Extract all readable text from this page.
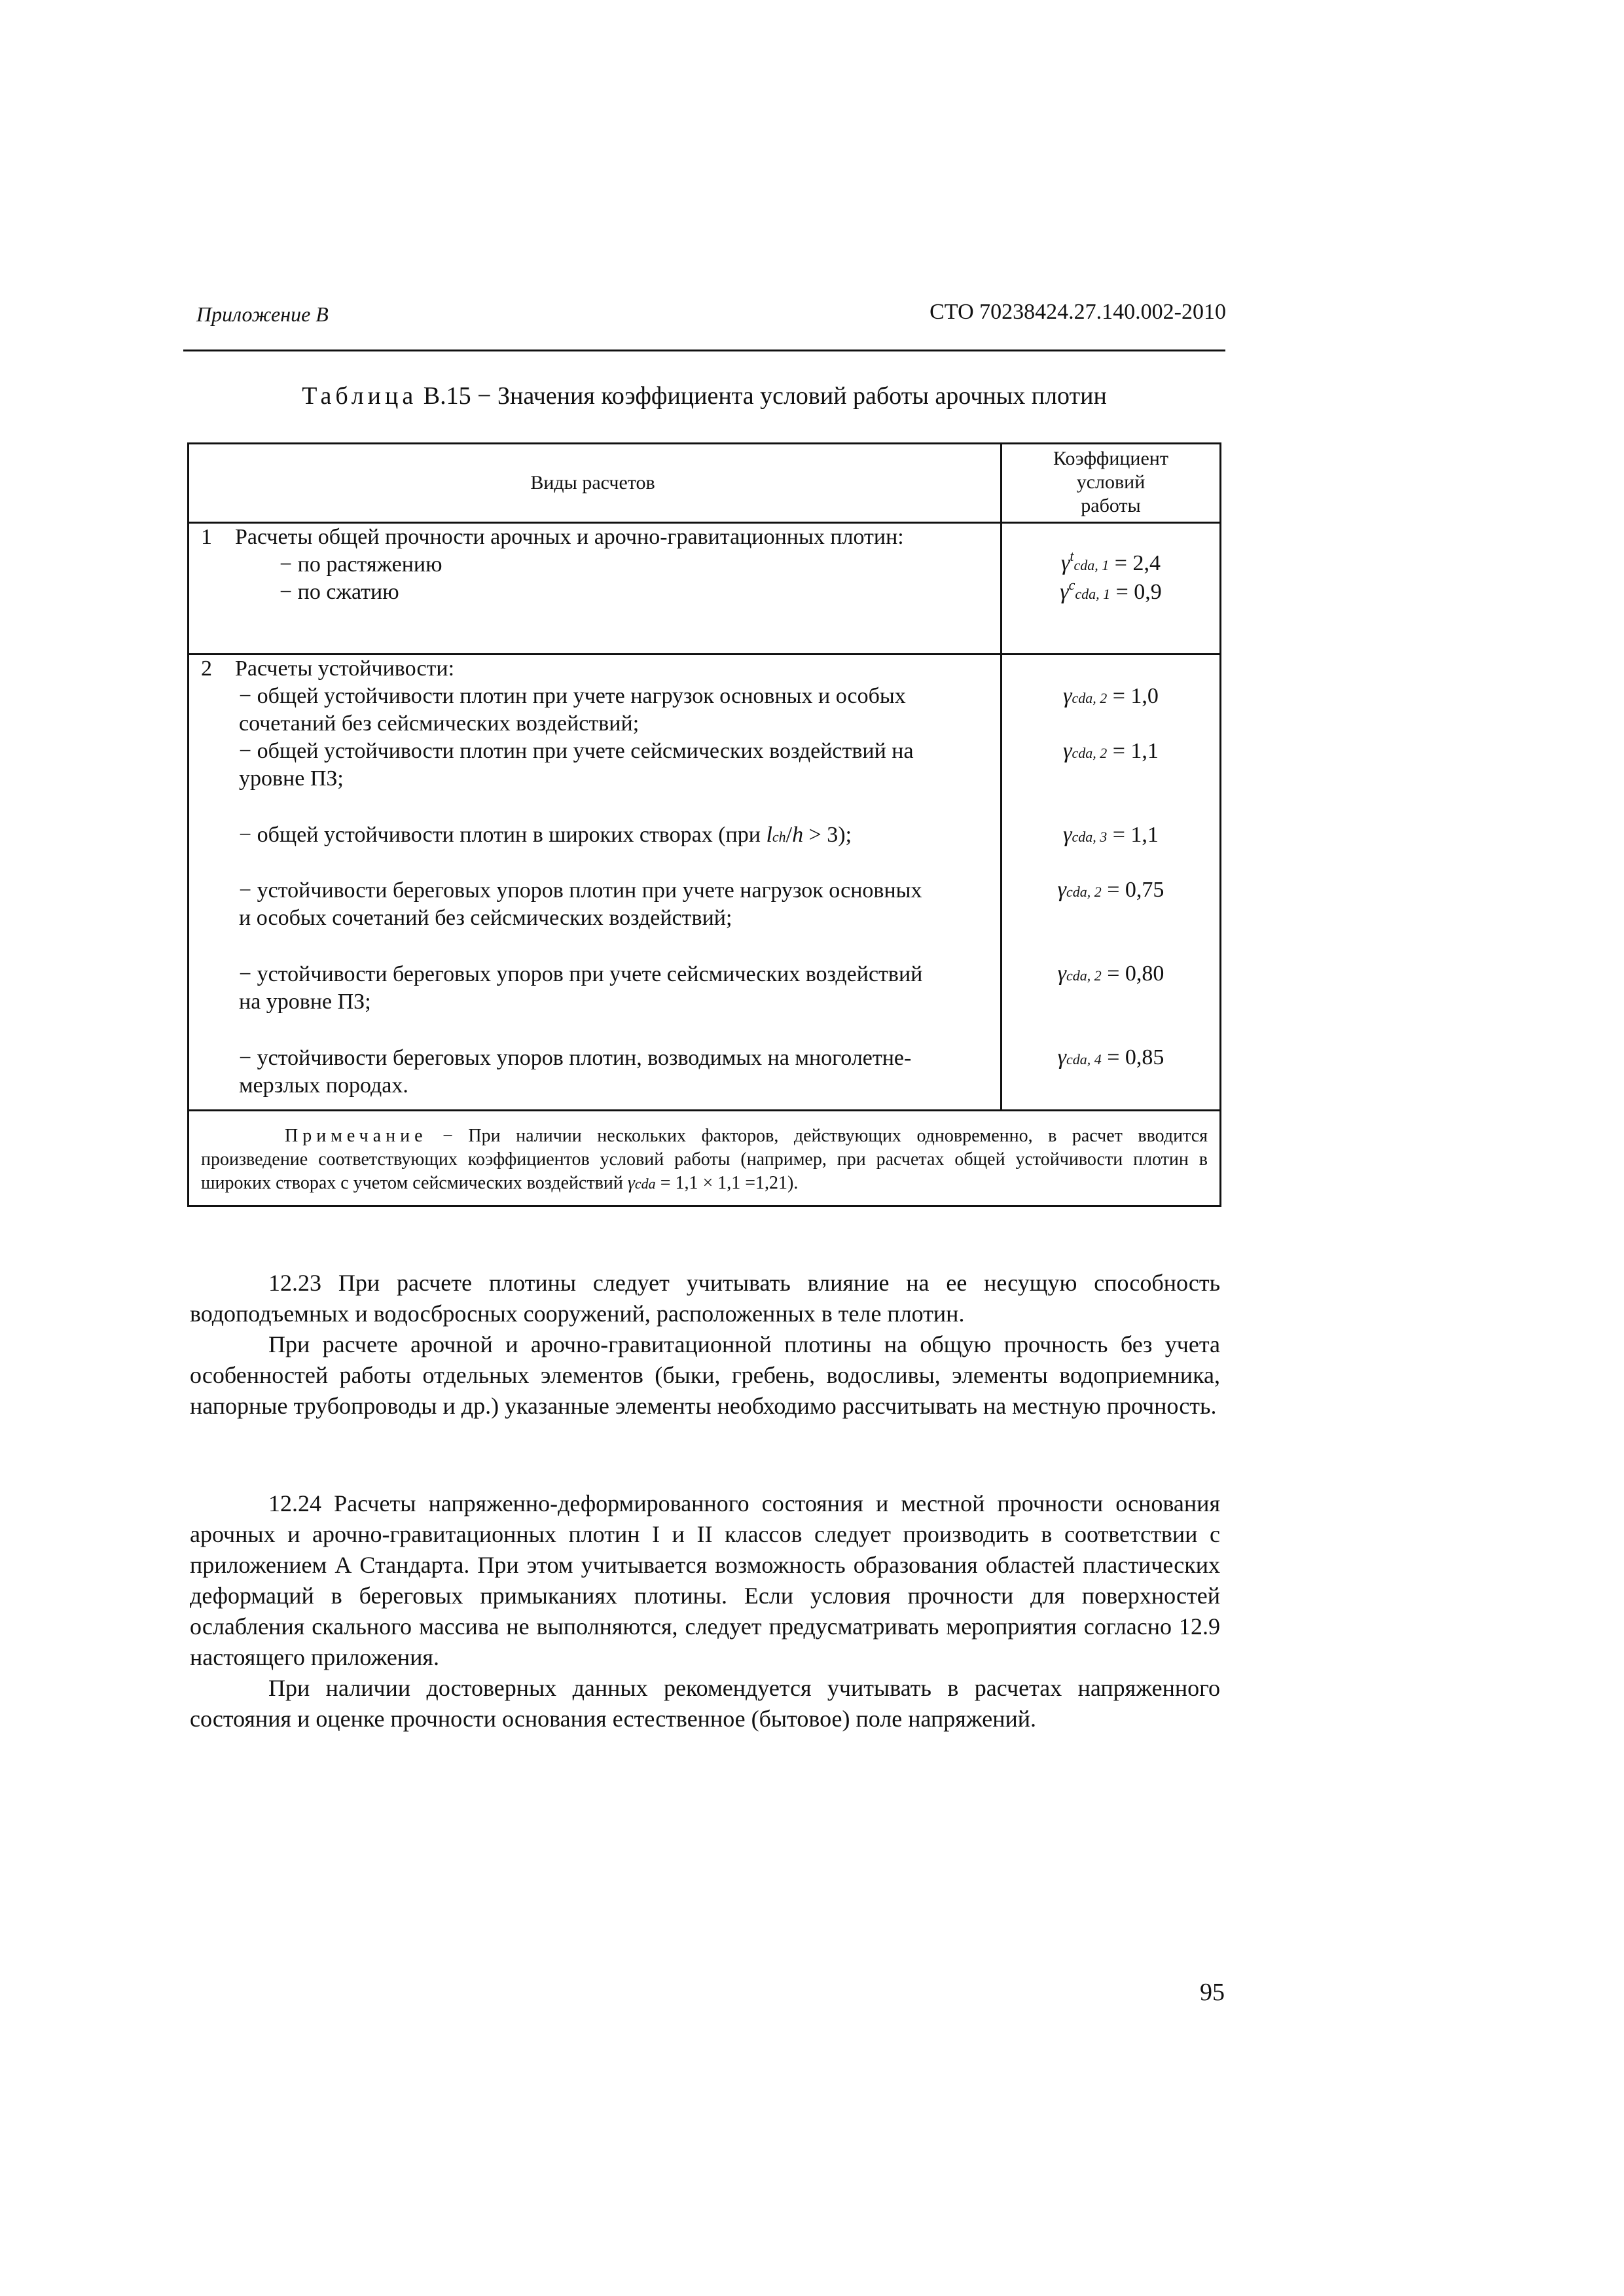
Приложение В	СТО 70238424.27.140.002-2010
Таблица В.15 − Значения коэффициента условий работы арочных плотин
Виды расчетов
Коэффициент
условий
работы
1 Расчеты общей прочности арочных и арочно-гравитационных плотин:
− по растяжению
− по сжатию
$\gamma^tcda$, 1 = 2,4
$\gamma^ccda$, 1 = 0,9
2 Расчеты устойчивости:
− общей устойчивости плотин при учете нагрузок основных и особых
сочетаний без сейсмических воздействий;
− общей устойчивости плотин при учете сейсмических воздействий на
уровне ПЗ;
− общей устойчивости плотин в широких створах (при lch/h > 3);
− устойчивости береговых упоров плотин при учете нагрузок основных
и особых сочетаний без сейсмических воздействий;
− устойчивости береговых упоров при учете сейсмических воздействий
на уровне ПЗ;
− устойчивости береговых упоров плотин, возводимых на многолетне-
мерзлых породах.
γcda, 2 = 1,0
γcda, 2 = 1,1
γcda, 3 = 1,1
γcda, 2 = 0,75
γcda, 2 = 0,80
γcda, 4 = 0,85
Примечание − При наличии нескольких факторов, действующих одновременно, в расчет вводится произведение соответствующих коэффициентов условий работы (например, при расчетах общей устойчивости плотин в широких створах с учетом сейсмических воздействий γcda = 1,1 × 1,1 =1,21).

12.23 При расчете плотины следует учитывать влияние на ее несущую способность водоподъемных и водосбросных сооружений, расположенных в теле плотин.

При расчете арочной и арочно-гравитационной плотины на общую прочность без учета особенностей работы отдельных элементов (быки, гребень, водосливы, элементы водоприемника, напорные трубопроводы и др.) указанные элементы необходимо рассчитывать на местную прочность.

12.24 Расчеты напряженно-деформированного состояния и местной прочности основания арочных и арочно-гравитационных плотин I и II классов следует производить в соответствии с приложением А Стандарта. При этом учитывается возможность образования областей пластических деформаций в береговых примыканиях плотины. Если условия прочности для поверхностей ослабления скального массива не выполняются, следует предусматривать мероприятия согласно 12.9 настоящего приложения.

При наличии достоверных данных рекомендуется учитывать в расчетах напряженного состояния и оценке прочности основания естественное (бытовое) поле напряжений.

95
